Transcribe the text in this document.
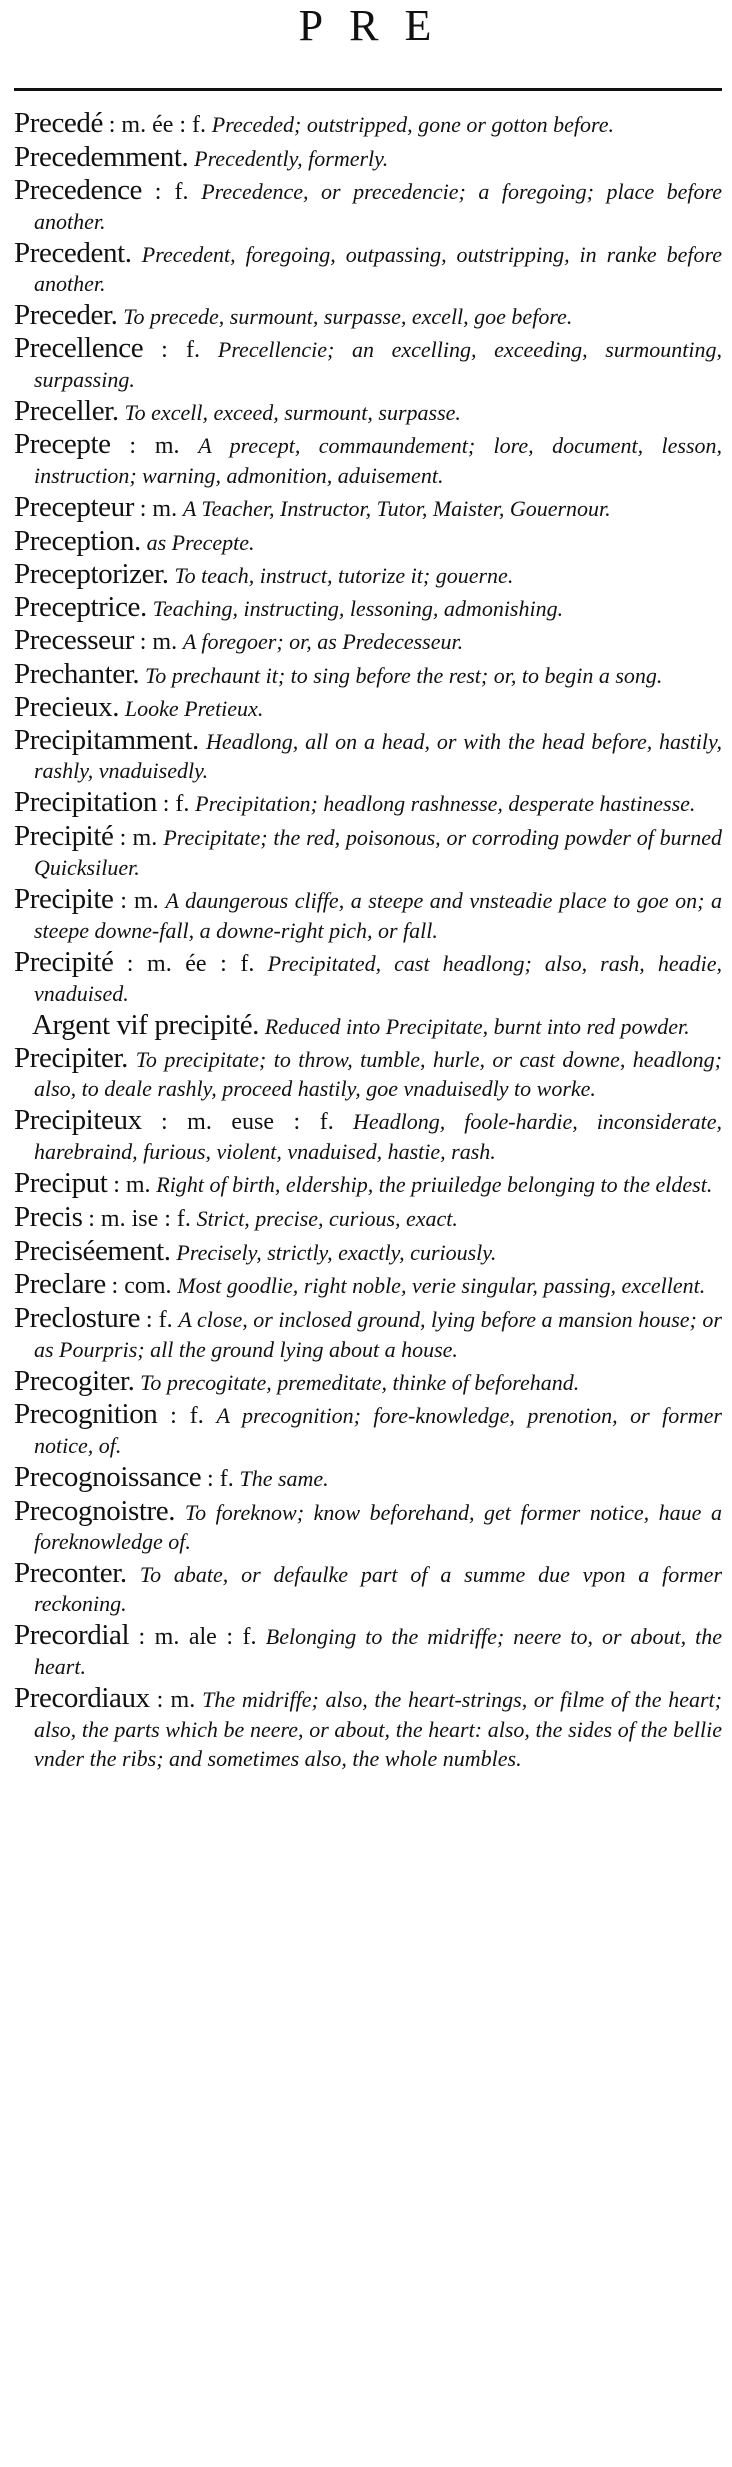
PRE

Precedé : m. ée : f. Preceded; outstripped, gone or gotton before.

Precedemment. Precedently, formerly.

Precedence : f. Precedence, or precedencie; a foregoing; place before another.

Precedent. Precedent, foregoing, outpassing, outstripping, in ranke before another.

Preceder. To precede, surmount, surpasse, excell, goe before.

Precellence : f. Precellencie; an excelling, exceeding, surmounting, surpassing.

Preceller. To excell, exceed, surmount, surpasse.

Precepte : m. A precept, commaundement; lore, document, lesson, instruction; warning, admonition, aduisement.

Precepteur : m. A Teacher, Instructor, Tutor, Maister, Gouernour.

Preception. as Precepte.

Preceptorizer. To teach, instruct, tutorize it; gouerne.

Preceptrice. Teaching, instructing, lessoning, admonishing.

Precesseur : m. A foregoer; or, as Predecesseur.

Prechanter. To prechaunt it; to sing before the rest; or, to begin a song.

Precieux. Looke Pretieux.

Precipitamment. Headlong, all on a head, or with the head before, hastily, rashly, vnaduisedly.

Precipitation : f. Precipitation; headlong rashnesse, desperate hastinesse.

Precipité : m. Precipitate; the red, poisonous, or corroding powder of burned Quicksiluer.

Precipite : m. A daungerous cliffe, a steepe and vnsteadie place to goe on; a steepe downe-fall, a downe-right pich, or fall.

Precipité : m. ée : f. Precipitated, cast headlong; also, rash, headie, vnaduised.

Argent vif precipité. Reduced into Precipitate, burnt into red powder.

Precipiter. To precipitate; to throw, tumble, hurle, or cast downe, headlong; also, to deale rashly, proceed hastily, goe vnaduisedly to worke.

Precipiteux : m. euse : f. Headlong, foole-hardie, inconsiderate, harebraind, furious, violent, vnaduised, hastie, rash.

Preciput : m. Right of birth, eldership, the priuiledge belonging to the eldest.

Precis : m. ise : f. Strict, precise, curious, exact.

Preciséement. Precisely, strictly, exactly, curiously.

Preclare : com. Most goodlie, right noble, verie singular, passing, excellent.

Preclosture : f. A close, or inclosed ground, lying before a mansion house; or as Pourpris; all the ground lying about a house.

Precogiter. To precogitate, premeditate, thinke of beforehand.

Precognition : f. A precognition; fore-knowledge, prenotion, or former notice, of.

Precognoissance : f. The same.

Precognoistre. To foreknow; know beforehand, get former notice, haue a foreknowledge of.

Preconter. To abate, or defaulke part of a summe due vpon a former reckoning.

Precordial : m. ale : f. Belonging to the midriffe; neere to, or about, the heart.

Precordiaux : m. The midriffe; also, the heart-strings, or filme of the heart; also, the parts which be neere, or about, the heart: also, the sides of the bellie vnder the ribs; and sometimes also, the whole numbles.
